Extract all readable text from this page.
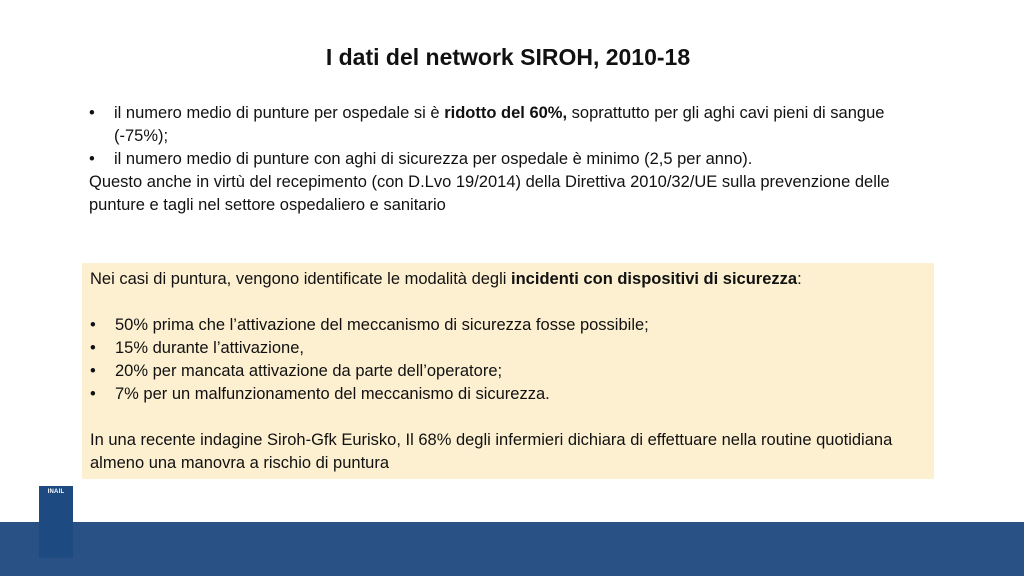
I dati del network SIROH, 2010-18
• il numero medio di punture per ospedale si è ridotto del 60%, soprattutto per gli aghi cavi pieni di sangue (-75%);
• il numero medio di punture con aghi di sicurezza per ospedale è minimo (2,5 per anno).
Questo anche in virtù del recepimento (con D.Lvo 19/2014) della Direttiva 2010/32/UE sulla prevenzione delle punture e tagli nel settore ospedaliero e sanitario
Nei casi di puntura, vengono identificate le modalità degli incidenti con dispositivi di sicurezza:
• 50% prima che l’attivazione del meccanismo di sicurezza fosse possibile;
• 15% durante l’attivazione,
• 20% per mancata attivazione da parte dell’operatore;
• 7% per un malfunzionamento del meccanismo di sicurezza.
In una recente indagine Siroh-Gfk Eurisko, Il 68% degli infermieri dichiara di effettuare nella routine quotidiana almeno una manovra a rischio di puntura
INAIL
